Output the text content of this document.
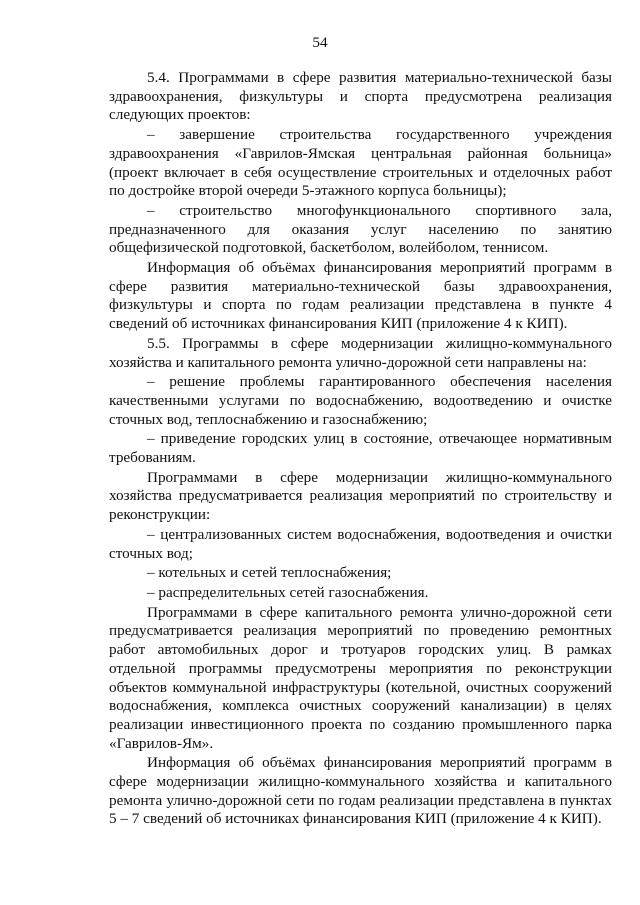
54

5.4. Программами в сфере развития материально-технической базы здравоохранения, физкультуры и спорта предусмотрена реализация следующих проектов:

– завершение строительства государственного учреждения здравоохранения «Гаврилов-Ямская центральная районная больница» (проект включает в себя осуществление строительных и отделочных работ по достройке второй очереди 5-этажного корпуса больницы);

– строительство многофункционального спортивного зала, предназначенного для оказания услуг населению по занятию общефизической подготовкой, баскетболом, волейболом, теннисом.

Информация об объёмах финансирования мероприятий программ в сфере развития материально-технической базы здравоохранения, физкультуры и спорта по годам реализации представлена в пункте 4 сведений об источниках финансирования КИП (приложение 4 к КИП).

5.5. Программы в сфере модернизации жилищно-коммунального хозяйства и капитального ремонта улично-дорожной сети направлены на:

– решение проблемы гарантированного обеспечения населения качественными услугами по водоснабжению, водоотведению и очистке сточных вод, теплоснабжению и газоснабжению;

– приведение городских улиц в состояние, отвечающее нормативным требованиям.

Программами в сфере модернизации жилищно-коммунального хозяйства предусматривается реализация мероприятий по строительству и реконструкции:

– централизованных систем водоснабжения, водоотведения и очистки сточных вод;

– котельных и сетей теплоснабжения;

– распределительных сетей газоснабжения.

Программами в сфере капитального ремонта улично-дорожной сети предусматривается реализация мероприятий по проведению ремонтных работ автомобильных дорог и тротуаров городских улиц. В рамках отдельной программы предусмотрены мероприятия по реконструкции объектов коммунальной инфраструктуры (котельной, очистных сооружений водоснабжения, комплекса очистных сооружений канализации) в целях реализации инвестиционного проекта по созданию промышленного парка «Гаврилов-Ям».

Информация об объёмах финансирования мероприятий программ в сфере модернизации жилищно-коммунального хозяйства и капитального ремонта улично-дорожной сети по годам реализации представлена в пунктах 5 – 7 сведений об источниках финансирования КИП (приложение 4 к КИП).
